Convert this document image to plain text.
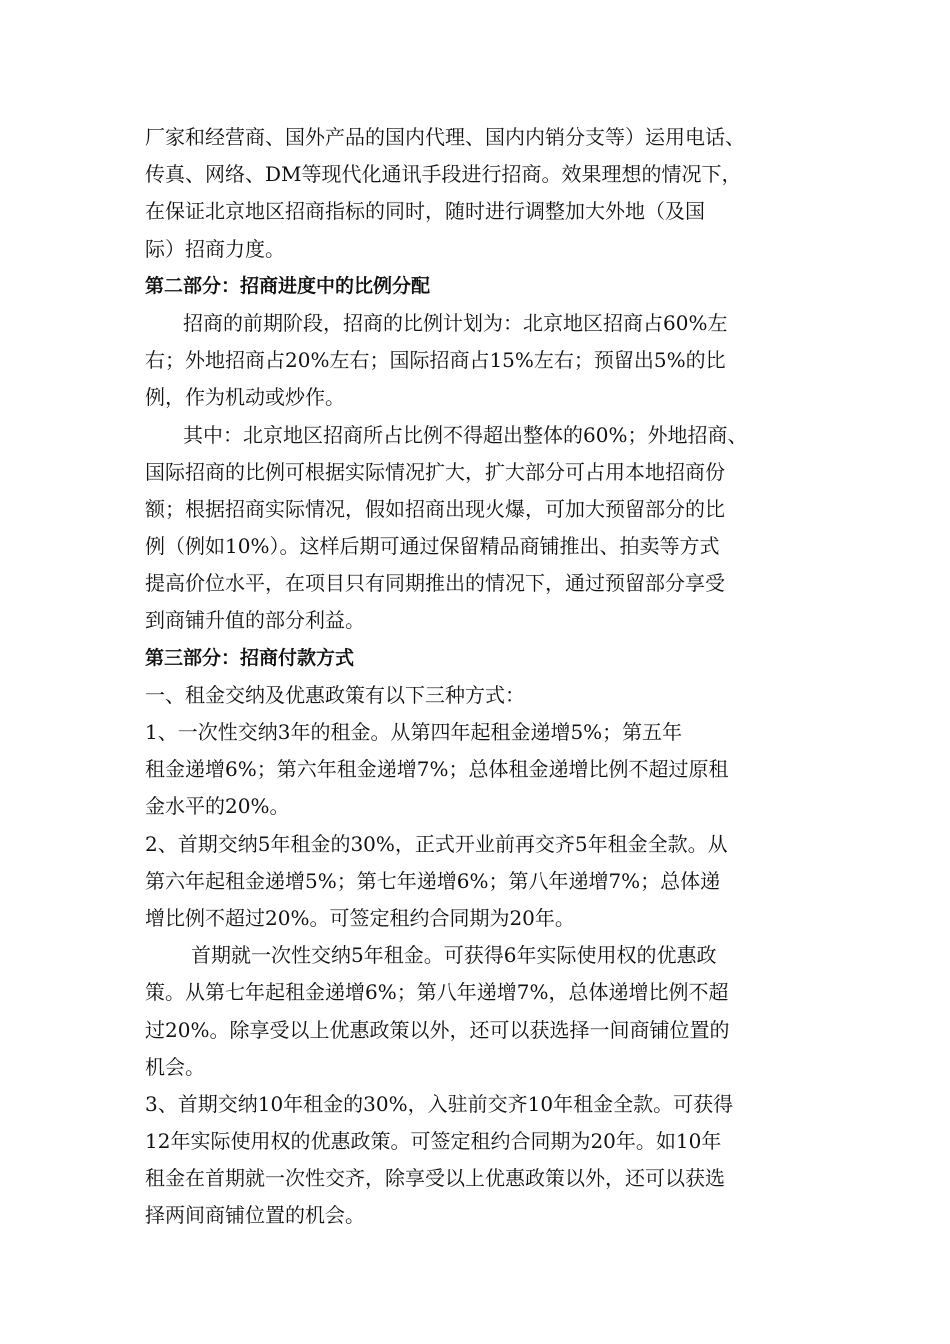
厂家和经营商、国外产品的国内代理、国内内销分支等）运用电话、
传真、网络、DM等现代化通讯手段进行招商。效果理想的情况下，
在保证北京地区招商指标的同时，随时进行调整加大外地（及国
际）招商力度。
第二部分：招商进度中的比例分配
招商的前期阶段，招商的比例计划为：北京地区招商占60%左
右；外地招商占20%左右；国际招商占15%左右；预留出5%的比
例，作为机动或炒作。
其中：北京地区招商所占比例不得超出整体的60%；外地招商、
国际招商的比例可根据实际情况扩大，扩大部分可占用本地招商份
额；根据招商实际情况，假如招商出现火爆，可加大预留部分的比
例（例如10%）。这样后期可通过保留精品商铺推出、拍卖等方式
提高价位水平，在项目只有同期推出的情况下，通过预留部分享受
到商铺升值的部分利益。
第三部分：招商付款方式
一、租金交纳及优惠政策有以下三种方式：
1、一次性交纳3年的租金。从第四年起租金递增5%；第五年
租金递增6%；第六年租金递增7%；总体租金递增比例不超过原租
金水平的20%。
2、首期交纳5年租金的30%，正式开业前再交齐5年租金全款。从
第六年起租金递增5%；第七年递增6%；第八年递增7%；总体递
增比例不超过20%。可签定租约合同期为20年。
首期就一次性交纳5年租金。可获得6年实际使用权的优惠政
策。从第七年起租金递增6%；第八年递增7%，总体递增比例不超
过20%。除享受以上优惠政策以外，还可以获选择一间商铺位置的
机会。
3、首期交纳10年租金的30%，入驻前交齐10年租金全款。可获得
12年实际使用权的优惠政策。可签定租约合同期为20年。如10年
租金在首期就一次性交齐，除享受以上优惠政策以外，还可以获选
择两间商铺位置的机会。
